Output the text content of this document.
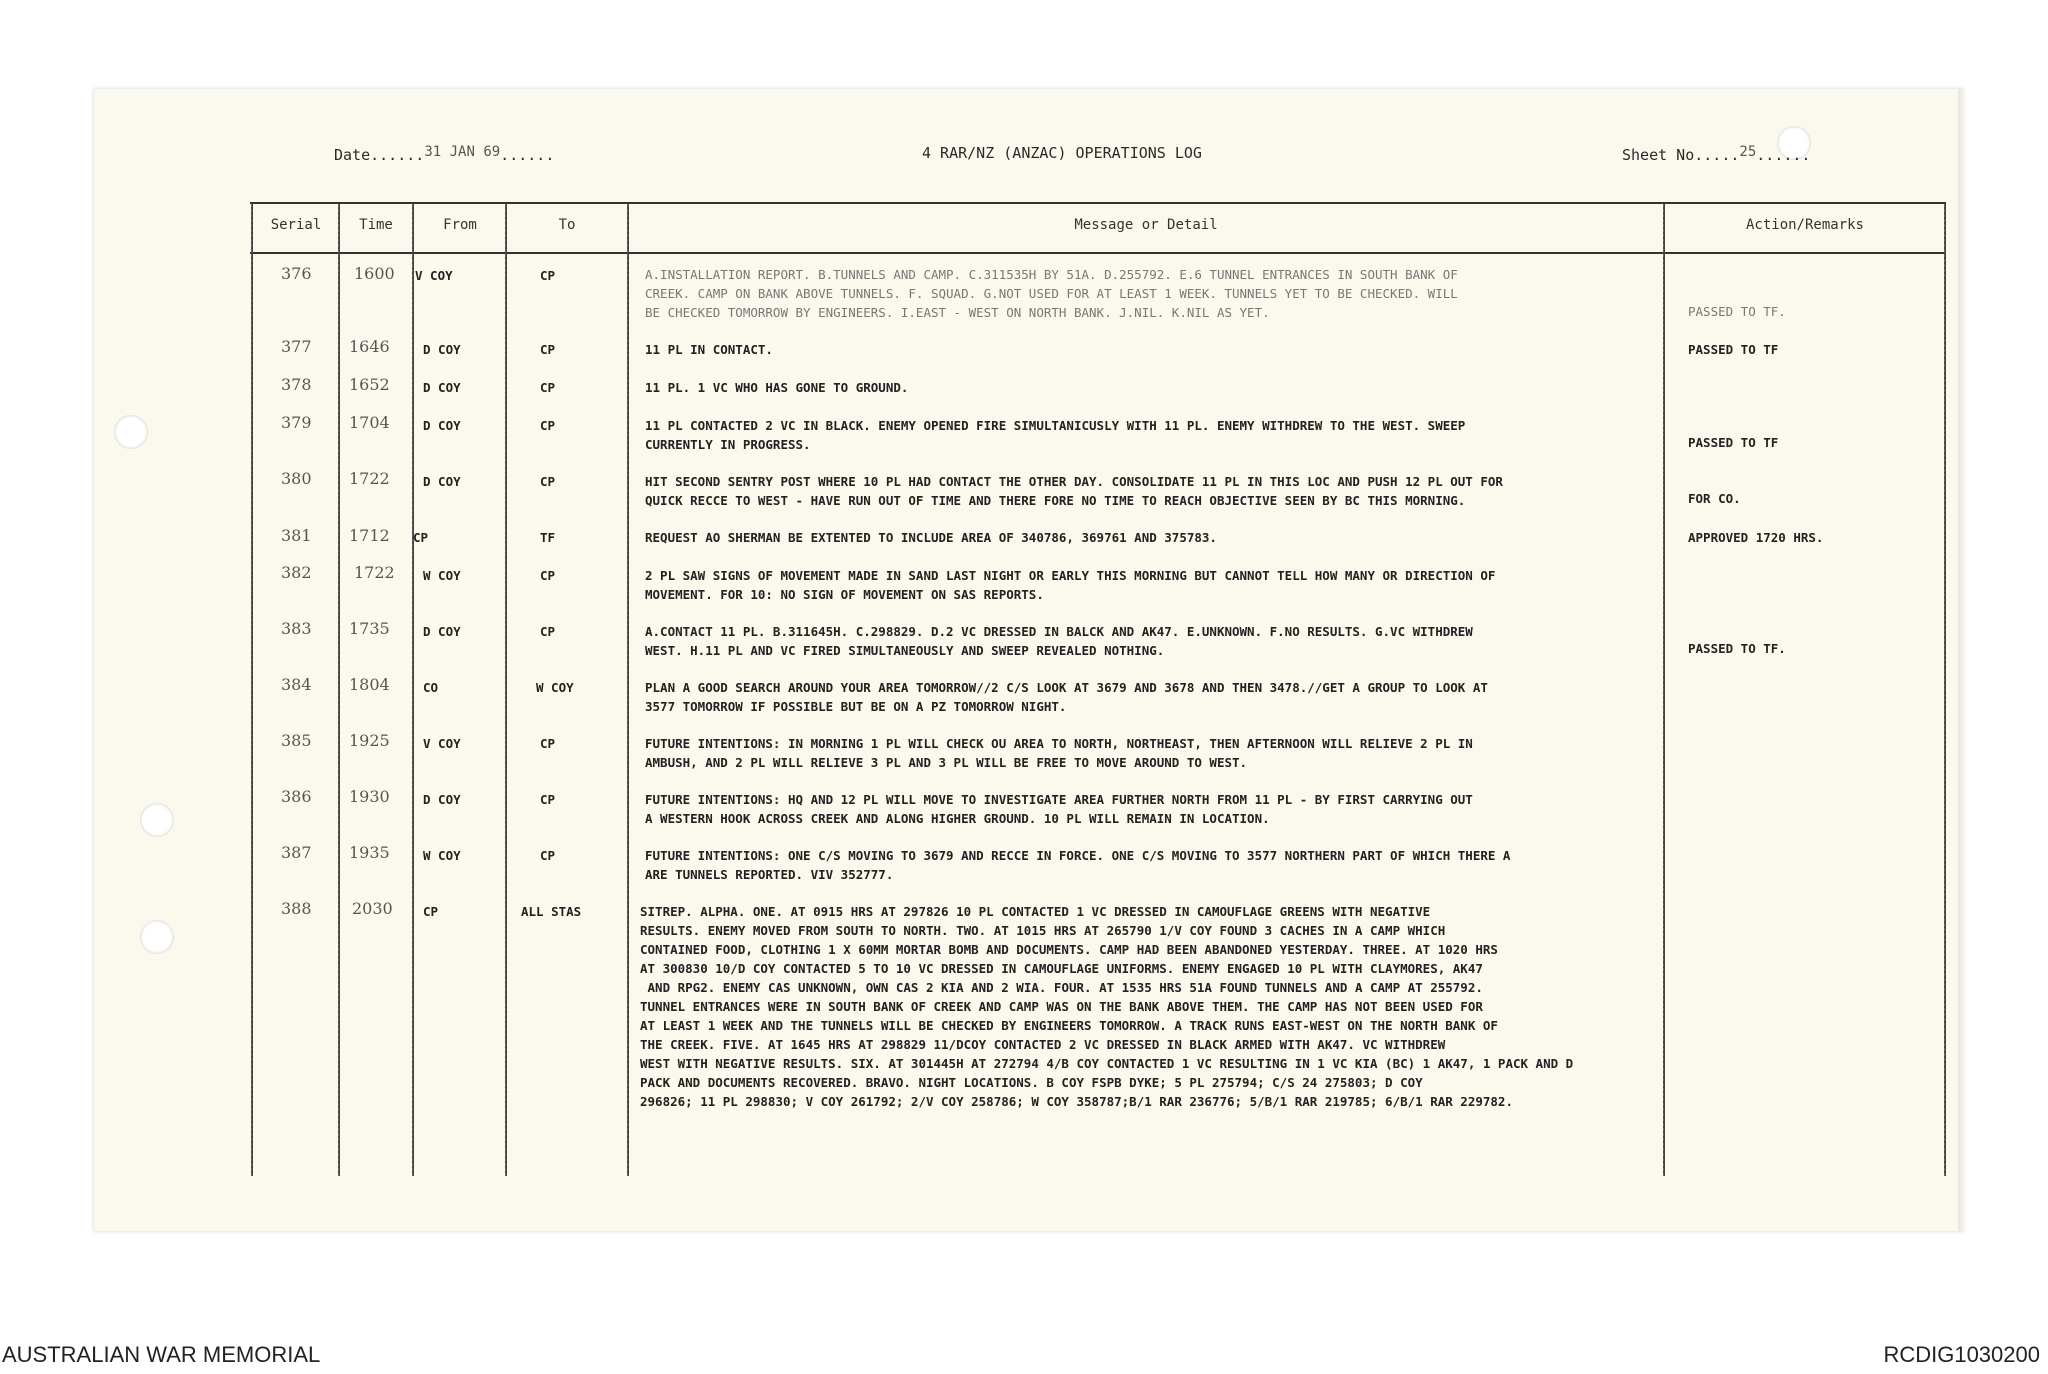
Date......31 JAN 69......	4 RAR/NZ (ANZAC) OPERATIONS LOG	Sheet No.....25......
Serial	Time	From	To	Message or Detail	Action/Remarks
376	1600 V COY	CP	A.INSTALLATION REPORT. B.TUNNELS AND CAMP. C.311535H BY 51A. D.255792. E.6 TUNNEL ENTRANCES IN SOUTH BANK OF
CREEK. CAMP ON BANK ABOVE TUNNELS. F. SQUAD. G.NOT USED FOR AT LEAST 1 WEEK. TUNNELS YET TO BE CHECKED. WILL
BE CHECKED TOMORROW BY ENGINEERS. I.EAST - WEST ON NORTH BANK. J.NIL. K.NIL AS YET.	PASSED TO TF.
377 1646	D COY	CP	11 PL IN CONTACT.	PASSED TO TF
378 1652	D COY	CP	11 PL. 1 VC WHO HAS GONE TO GROUND.
379 1704	D COY	CP	11 PL CONTACTED 2 VC IN BLACK. ENEMY OPENED FIRE SIMULTANICUSLY WITH 11 PL. ENEMY WITHDREW TO THE WEST. SWEEP
CURRENTLY IN PROGRESS.	PASSED TO TF
380 1722	D COY	CP	HIT SECOND SENTRY POST WHERE 10 PL HAD CONTACT THE OTHER DAY. CONSOLIDATE 11 PL IN THIS LOC AND PUSH 12 PL OUT FOR
QUICK RECCE TO WEST - HAVE RUN OUT OF TIME AND THERE FORE NO TIME TO REACH OBJECTIVE SEEN BY BC THIS MORNING.	FOR CO.
381 1712 CP	TF	REQUEST AO SHERMAN BE EXTENTED TO INCLUDE AREA OF 340786, 369761 AND 375783.	APPROVED 1720 HRS.
382	1722 W COY	CP	2 PL SAW SIGNS OF MOVEMENT MADE IN SAND LAST NIGHT OR EARLY THIS MORNING BUT CANNOT TELL HOW MANY OR DIRECTION OF
MOVEMENT. FOR 10: NO SIGN OF MOVEMENT ON SAS REPORTS.
383 1735	D COY	CP	A.CONTACT 11 PL. B.311645H. C.298829. D.2 VC DRESSED IN BALCK AND AK47. E.UNKNOWN. F.NO RESULTS. G.VC WITHDREW
WEST. H.11 PL AND VC FIRED SIMULTANEOUSLY AND SWEEP REVEALED NOTHING.	PASSED TO TF.
384 1804	CO	W COY	PLAN A GOOD SEARCH AROUND YOUR AREA TOMORROW//2 C/S LOOK AT 3679 AND 3678 AND THEN 3478.//GET A GROUP TO LOOK AT
3577 TOMORROW IF POSSIBLE BUT BE ON A PZ TOMORROW NIGHT.
385 1925	V COY	CP	FUTURE INTENTIONS: IN MORNING 1 PL WILL CHECK OU AREA TO NORTH, NORTHEAST, THEN AFTERNOON WILL RELIEVE 2 PL IN
AMBUSH, AND 2 PL WILL RELIEVE 3 PL AND 3 PL WILL BE FREE TO MOVE AROUND TO WEST.
386 1930	D COY	CP	FUTURE INTENTIONS: HQ AND 12 PL WILL MOVE TO INVESTIGATE AREA FURTHER NORTH FROM 11 PL - BY FIRST CARRYING OUT
A WESTERN HOOK ACROSS CREEK AND ALONG HIGHER GROUND. 10 PL WILL REMAIN IN LOCATION.
387 1935	W COY	CP	FUTURE INTENTIONS: ONE C/S MOVING TO 3679 AND RECCE IN FORCE. ONE C/S MOVING TO 3577 NORTHERN PART OF WHICH THERE A
ARE TUNNELS REPORTED. VIV 352777.
388	2030 CP	ALL STAS	SITREP. ALPHA. ONE. AT 0915 HRS AT 297826 10 PL CONTACTED 1 VC DRESSED IN CAMOUFLAGE GREENS WITH NEGATIVE
RESULTS. ENEMY MOVED FROM SOUTH TO NORTH. TWO. AT 1015 HRS AT 265790 1/V COY FOUND 3 CACHES IN A CAMP WHICH
CONTAINED FOOD, CLOTHING 1 X 60MM MORTAR BOMB AND DOCUMENTS. CAMP HAD BEEN ABANDONED YESTERDAY. THREE. AT 1020 HRS
AT 300830 10/D COY CONTACTED 5 TO 10 VC DRESSED IN CAMOUFLAGE UNIFORMS. ENEMY ENGAGED 10 PL WITH CLAYMORES, AK47
AND RPG2. ENEMY CAS UNKNOWN, OWN CAS 2 KIA AND 2 WIA. FOUR. AT 1535 HRS 51A FOUND TUNNELS AND A CAMP AT 255792.
TUNNEL ENTRANCES WERE IN SOUTH BANK OF CREEK AND CAMP WAS ON THE BANK ABOVE THEM. THE CAMP HAS NOT BEEN USED FOR
AT LEAST 1 WEEK AND THE TUNNELS WILL BE CHECKED BY ENGINEERS TOMORROW. A TRACK RUNS EAST-WEST ON THE NORTH BANK OF
THE CREEK. FIVE. AT 1645 HRS AT 298829 11/DCOY CONTACTED 2 VC DRESSED IN BLACK ARMED WITH AK47. VC WITHDREW
WEST WITH NEGATIVE RESULTS. SIX. AT 301445H AT 272794 4/B COY CONTACTED 1 VC RESULTING IN 1 VC KIA (BC) 1 AK47, 1 PACK AND D
PACK AND DOCUMENTS RECOVERED. BRAVO. NIGHT LOCATIONS. B COY FSPB DYKE; 5 PL 275794; C/S 24 275803; D COY
296826; 11 PL 298830; V COY 261792; 2/V COY 258786; W COY 358787;B/1 RAR 236776; 5/B/1 RAR 219785; 6/B/1 RAR 229782.
AUSTRALIAN WAR MEMORIAL	RCDIG1030200
